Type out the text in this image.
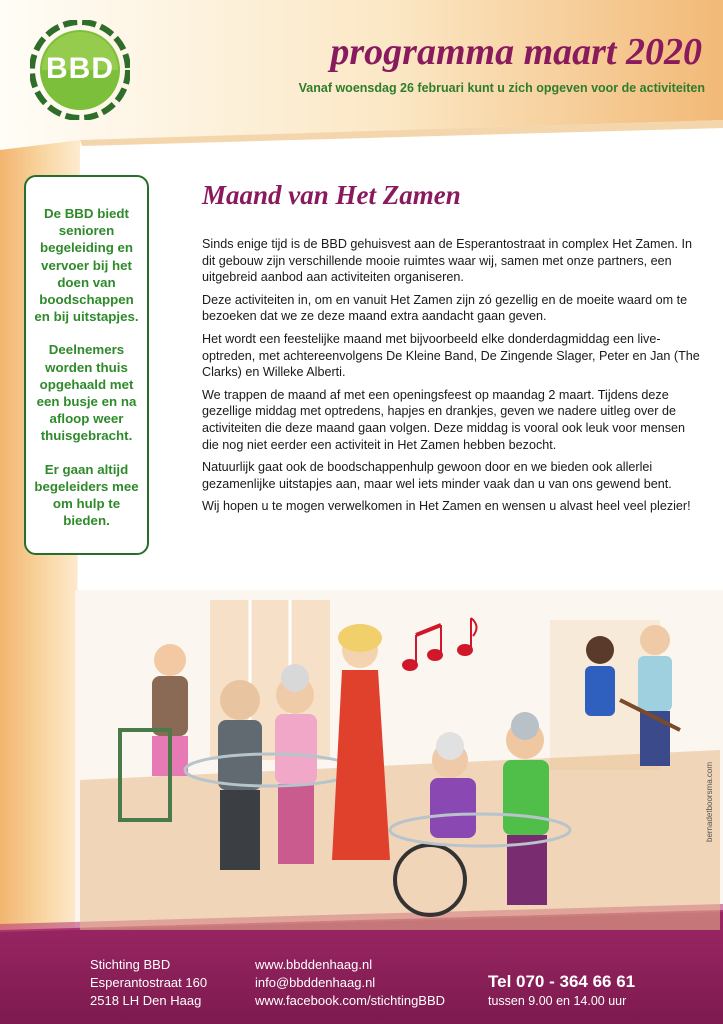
BBD	programma maart 2020
Vanaf woensdag 26 februari kunt u zich opgeven voor de activiteiten

De BBD biedt senioren begeleiding en vervoer bij het doen van boodschappen en bij uitstapjes.

Deelnemers worden thuis opgehaald met een busje en na afloop weer thuisgebracht.

Er gaan altijd begeleiders mee om hulp te bieden.

Maand van Het Zamen

Sinds enige tijd is de BBD gehuisvest aan de Esperantostraat in complex Het Zamen. In dit gebouw zijn verschillende mooie ruimtes waar wij, samen met onze partners, een uitgebreid aanbod aan activiteiten organiseren.

Deze activiteiten in, om en vanuit Het Zamen zijn zó gezellig en de moeite waard om te bezoeken dat we ze deze maand extra aandacht gaan geven.

Het wordt een feestelijke maand met bijvoorbeeld elke donderdagmiddag een live-optreden, met achtereenvolgens De Kleine Band, De Zingende Slager, Peter en Jan (The Clarks) en Willeke Alberti.

We trappen de maand af met een openingsfeest op maandag 2 maart. Tijdens deze gezellige middag met optredens, hapjes en drankjes, geven we nadere uitleg over de activiteiten die deze maand gaan volgen. Deze middag is vooral ook leuk voor mensen die nog niet eerder een activiteit in Het Zamen hebben bezocht.

Natuurlijk gaat ook de boodschappenhulp gewoon door en we bieden ook allerlei gezamenlijke uitstapjes aan, maar wel iets minder vaak dan u van ons gewend bent.

Wij hopen u te mogen verwelkomen in Het Zamen en wensen u alvast heel veel plezier!

bernadetboorsma.com
Stichting BBD
Esperantostraat 160
2518 LH Den Haag
www.bbddenhaag.nl
info@bbddenhaag.nl
www.facebook.com/stichtingBBD
Tel 070 - 364 66 61
tussen 9.00 en 14.00 uur
